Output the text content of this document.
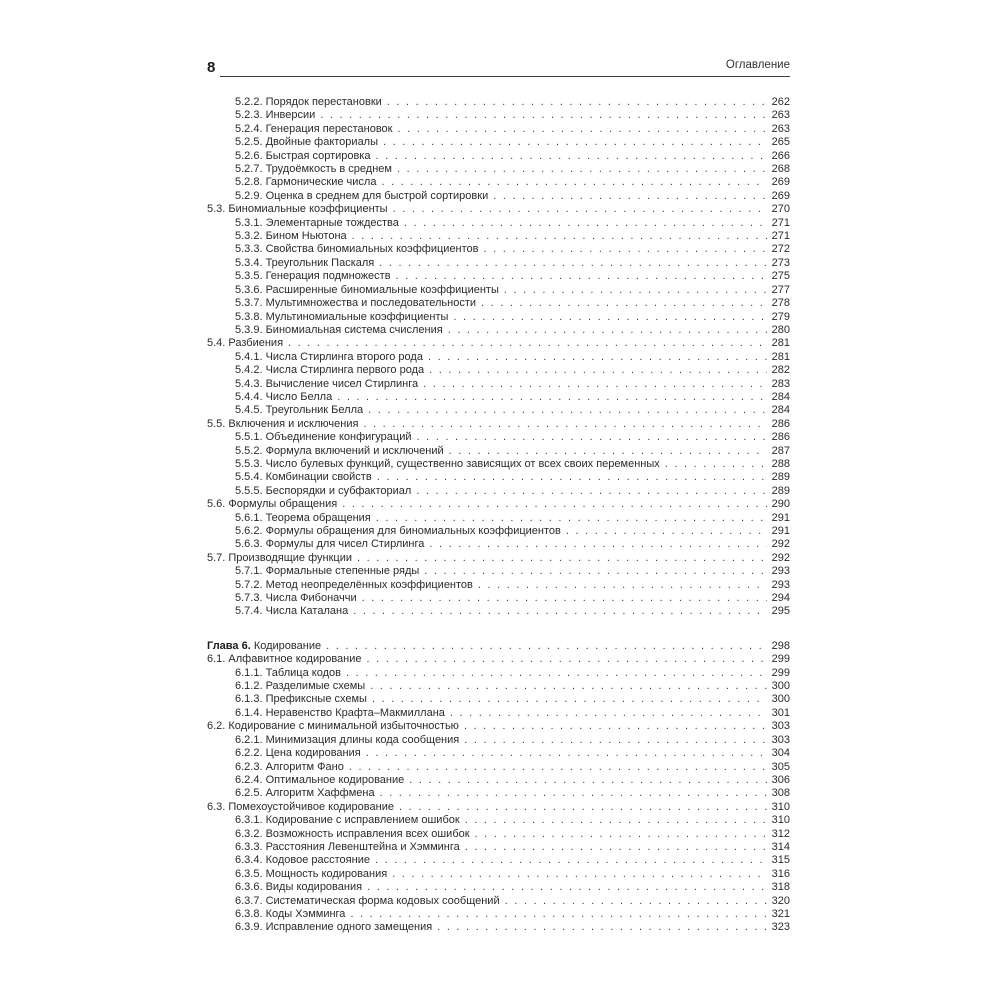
8	Оглавление
5.2.2. Порядок перестановки . . .	262
5.2.3. Инверсии . . .	263
5.2.4. Генерация перестановок . . .	263
5.2.5. Двойные факториалы . . .	265
5.2.6. Быстрая сортировка . . .	266
5.2.7. Трудоёмкость в среднем . . .	268
5.2.8. Гармонические числа . . .	269
5.2.9. Оценка в среднем для быстрой сортировки . . .	269
5.3. Биномиальные коэффициенты . . .	270
5.3.1. Элементарные тождества . . .	271
5.3.2. Бином Ньютона . . .	271
5.3.3. Свойства биномиальных коэффициентов . . .	272
5.3.4. Треугольник Паскаля . . .	273
5.3.5. Генерация подмножеств . . .	275
5.3.6. Расширенные биномиальные коэффициенты . . .	277
5.3.7. Мультимножества и последовательности . . .	278
5.3.8. Мультиномиальные коэффициенты . . .	279
5.3.9. Биномиальная система счисления . . .	280
5.4. Разбиения . . .	281
5.4.1. Числа Стирлинга второго рода . . .	281
5.4.2. Числа Стирлинга первого рода . . .	282
5.4.3. Вычисление чисел Стирлинга . . .	283
5.4.4. Число Белла . . .	284
5.4.5. Треугольник Белла . . .	284
5.5. Включения и исключения . . .	286
5.5.1. Объединение конфигураций . . .	286
5.5.2. Формула включений и исключений . . .	287
5.5.3. Число булевых функций, существенно зависящих от всех своих переменных . . .	288
5.5.4. Комбинации свойств . . .	289
5.5.5. Беспорядки и субфакториал . . .	289
5.6. Формулы обращения . . .	290
5.6.1. Теорема обращения . . .	291
5.6.2. Формулы обращения для биномиальных коэффициентов . . .	291
5.6.3. Формулы для чисел Стирлинга . . .	292
5.7. Производящие функции . . .	292
5.7.1. Формальные степенные ряды . . .	293
5.7.2. Метод неопределённых коэффициентов . . .	293
5.7.3. Числа Фибоначчи . . .	294
5.7.4. Числа Каталана . . .	295
Глава 6. Кодирование . . .	298
6.1. Алфавитное кодирование . . .	299
6.1.1. Таблица кодов . . .	299
6.1.2. Разделимые схемы . . .	300
6.1.3. Префиксные схемы . . .	300
6.1.4. Неравенство Крафта–Макмиллана . . .	301
6.2. Кодирование с минимальной избыточностью . . .	303
6.2.1. Минимизация длины кода сообщения . . .	303
6.2.2. Цена кодирования . . .	304
6.2.3. Алгоритм Фано . . .	305
6.2.4. Оптимальное кодирование . . .	306
6.2.5. Алгоритм Хаффмена . . .	308
6.3. Помехоустойчивое кодирование . . .	310
6.3.1. Кодирование с исправлением ошибок . . .	310
6.3.2. Возможность исправления всех ошибок . . .	312
6.3.3. Расстояния Левенштейна и Хэмминга . . .	314
6.3.4. Кодовое расстояние . . .	315
6.3.5. Мощность кодирования . . .	316
6.3.6. Виды кодирования . . .	318
6.3.7. Систематическая форма кодовых сообщений . . .	320
6.3.8. Коды Хэмминга . . .	321
6.3.9. Исправление одного замещения . . .	323
